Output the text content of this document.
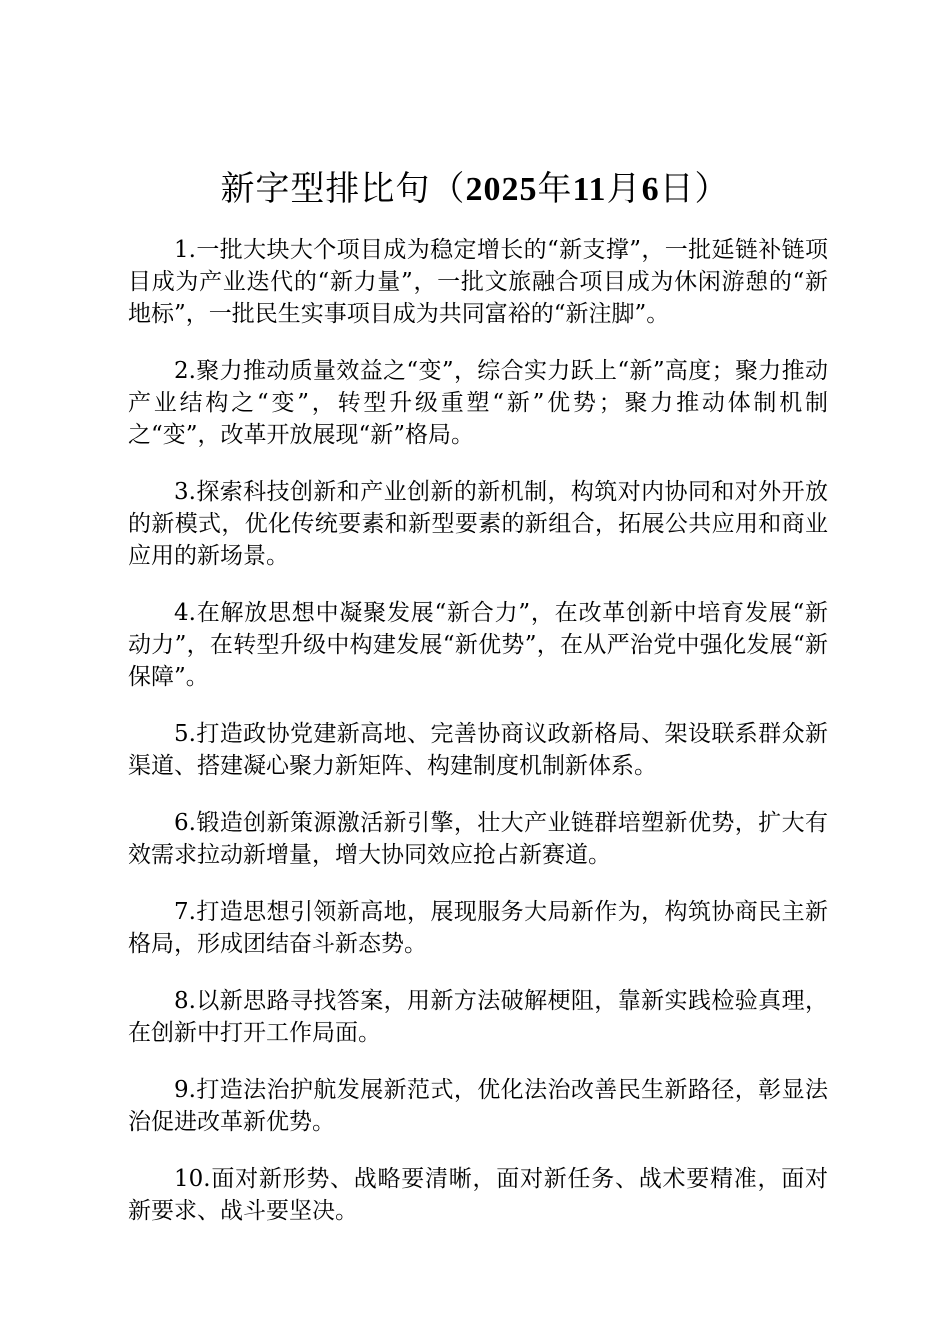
新字型排比句（2025年11月6日）

1.一批大块大个项目成为稳定增长的“新支撑”，一批延链补链项目成为产业迭代的“新力量”，一批文旅融合项目成为休闲游憩的“新地标”，一批民生实事项目成为共同富裕的“新注脚”。

2.聚力推动质量效益之“变”，综合实力跃上“新”高度；聚力推动产业结构之“变”，转型升级重塑“新”优势；聚力推动体制机制之“变”，改革开放展现“新”格局。

3.探索科技创新和产业创新的新机制，构筑对内协同和对外开放的新模式，优化传统要素和新型要素的新组合，拓展公共应用和商业应用的新场景。

4.在解放思想中凝聚发展“新合力”，在改革创新中培育发展“新动力”，在转型升级中构建发展“新优势”，在从严治党中强化发展“新保障”。

5.打造政协党建新高地、完善协商议政新格局、架设联系群众新渠道、搭建凝心聚力新矩阵、构建制度机制新体系。

6.锻造创新策源激活新引擎，壮大产业链群培塑新优势，扩大有效需求拉动新增量，增大协同效应抢占新赛道。

7.打造思想引领新高地，展现服务大局新作为，构筑协商民主新格局，形成团结奋斗新态势。

8.以新思路寻找答案，用新方法破解梗阻，靠新实践检验真理，在创新中打开工作局面。

9.打造法治护航发展新范式，优化法治改善民生新路径，彰显法治促进改革新优势。

10.面对新形势、战略要清晰，面对新任务、战术要精准，面对新要求、战斗要坚决。
